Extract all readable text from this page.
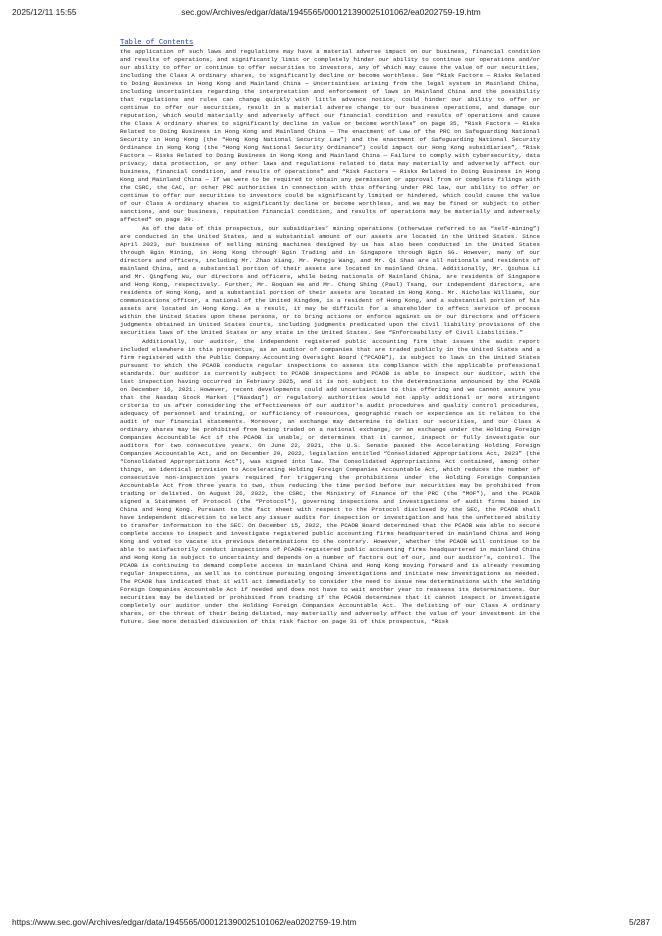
2025/12/11 15:55	sec.gov/Archives/edgar/data/1945565/000121390025101062/ea0202759-19.htm
Table of Contents

the application of such laws and regulations may have a material adverse impact on our business, financial condition and results of operations, and significantly limit or completely hinder our ability to continue our operations and/or our ability to offer or continue to offer securities to investors, any of which may cause the value of our securities, including the Class A ordinary shares, to significantly decline or become worthless. See “Risk Factors — Risks Related to Doing Business in Hong Kong and Mainland China — Uncertainties arising from the legal system in Mainland China, including uncertainties regarding the interpretation and enforcement of laws in Mainland China and the possibility that regulations and rules can change quickly with little advance notice, could hinder our ability to offer or continue to offer our securities, result in a material adverse change to our business operations, and damage our reputation, which would materially and adversely affect our financial condition and results of operations and cause the Class A ordinary shares to significantly decline in value or become worthless” on page 35, “Risk Factors — Risks Related to Doing Business in Hong Kong and Mainland China — The enactment of Law of the PRC on Safeguarding National Security in Hong Kong (the “Hong Kong National Security Law”) and the enactment of Safeguarding National Security Ordinance in Hong Kong (the “Hong Kong National Security Ordinance”) could impact our Hong Kong subsidiaries”, “Risk Factors — Risks Related to Doing Business in Hong Kong and Mainland China — Failure to comply with cybersecurity, data privacy, data protection, or any other laws and regulations related to data may materially and adversely affect our business, financial condition, and results of operations” and “Risk Factors — Risks Related to Doing Business in Hong Kong and Mainland China — If we were to be required to obtain any permission or approval from or complete filings with the CSRC, the CAC, or other PRC authorities in connection with this offering under PRC law, our ability to offer or continue to offer our securities to investors could be significantly limited or hindered, which could cause the value of our Class A ordinary shares to significantly decline or become worthless, and we may be fined or subject to other sanctions, and our business, reputation financial condition, and results of operations may be materially and adversely affected” on page 39.

As of the date of this prospectus, our subsidiaries’ mining operations (otherwise referred to as “self-mining”) are conducted in the United States, and a substantial amount of our assets are located in the United States. Since April 2023, our business of selling mining machines designed by us has also been conducted in the United States through Bgin Mining, in Hong Kong through Bgin Trading and in Singapore through Bgin SG. However, many of our directors and officers, including Mr. Zhao Xiang, Mr. Pengju Wang, and Mr. Qi Shao are all nationals and residents of mainland China, and a substantial portion of their assets are located in mainland China. Additionally, Mr. Qiuhua Li and Mr. Qingfeng Wu, our directors and officers, while being nationals of Mainland China, are residents of Singapore and Hong Kong, respectively. Further, Mr. Boquan He and Mr. Chung Shing (Paul) Tsang, our independent directors, are residents of Hong Kong, and a substantial portion of their assets are located in Hong Kong. Mr. Nicholas Williams, our communications officer, a national of the United Kingdom, is a resident of Hong Kong, and a substantial portion of his assets are located in Hong Kong. As a result, it may be difficult for a shareholder to effect service of process within the United States upon these persons, or to bring actions or enforce against us or our directors and officers judgments obtained in United States courts, including judgments predicated upon the civil liability provisions of the securities laws of the United States or any state in the United States. See “Enforceability of Civil Liabilities.”

Additionally, our auditor, the independent registered public accounting firm that issues the audit report included elsewhere in this prospectus, as an auditor of companies that are traded publicly in the United States and a firm registered with the Public Company Accounting Oversight Board (“PCAOB”), is subject to laws in the United States pursuant to which the PCAOB conducts regular inspections to assess its compliance with the applicable professional standards. Our auditor is currently subject to PCAOB inspections and PCAOB is able to inspect our auditor, with the last inspection having occurred in February 2025, and it is not subject to the determinations announced by the PCAOB on December 16, 2021. However, recent developments could add uncertainties to this offering and we cannot assure you that the Nasdaq Stock Market (“Nasdaq”) or regulatory authorities would not apply additional or more stringent criteria to us after considering the effectiveness of our auditor’s audit procedures and quality control procedures, adequacy of personnel and training, or sufficiency of resources, geographic reach or experience as it relates to the audit of our financial statements. Moreover, an exchange may determine to delist our securities, and our Class A ordinary shares may be prohibited from being traded on a national exchange, or an exchange under the Holding Foreign Companies Accountable Act if the PCAOB is unable, or determines that it cannot, inspect or fully investigate our auditors for two consecutive years. On June 22, 2021, the U.S. Senate passed the Accelerating Holding Foreign Companies Accountable Act, and on December 29, 2022, legislation entitled “Consolidated Appropriations Act, 2023” (the “Consolidated Appropriations Act”), was signed into law. The Consolidated Appropriations Act contained, among other things, an identical provision to Accelerating Holding Foreign Companies Accountable Act, which reduces the number of consecutive non-inspection years required for triggering the prohibitions under the Holding Foreign Companies Accountable Act from three years to two, thus reducing the time period before our securities may be prohibited from trading or delisted. On August 26, 2022, the CSRC, the Ministry of Finance of the PRC (the “MOF”), and the PCAOB signed a Statement of Protocol (the “Protocol”), governing inspections and investigations of audit firms based in China and Hong Kong. Pursuant to the fact sheet with respect to the Protocol disclosed by the SEC, the PCAOB shall have independent discretion to select any issuer audits for inspection or investigation and has the unfettered ability to transfer information to the SEC. On December 15, 2022, the PCAOB Board determined that the PCAOB was able to secure complete access to inspect and investigate registered public accounting firms headquartered in mainland China and Hong Kong and voted to vacate its previous determinations to the contrary. However, whether the PCAOB will continue to be able to satisfactorily conduct inspections of PCAOB-registered public accounting firms headquartered in mainland China and Hong Kong is subject to uncertainty and depends on a number of factors out of our, and our auditor’s, control. The PCAOB is continuing to demand complete access in mainland China and Hong Kong moving forward and is already resuming regular inspections, as well as to continue pursuing ongoing investigations and initiate new investigations as needed. The PCAOB has indicated that it will act immediately to consider the need to issue new determinations with the Holding Foreign Companies Accountable Act if needed and does not have to wait another year to reassess its determinations. Our securities may be delisted or prohibited from trading if the PCAOB determines that it cannot inspect or investigate completely our auditor under the Holding Foreign Companies Accountable Act. The delisting of our Class A ordinary shares, or the threat of their being delisted, may materially and adversely affect the value of your investment in the future. See more detailed discussion of this risk factor on page 31 of this prospectus, “Risk

https://www.sec.gov/Archives/edgar/data/1945565/000121390025101062/ea0202759-19.htm	5/287
